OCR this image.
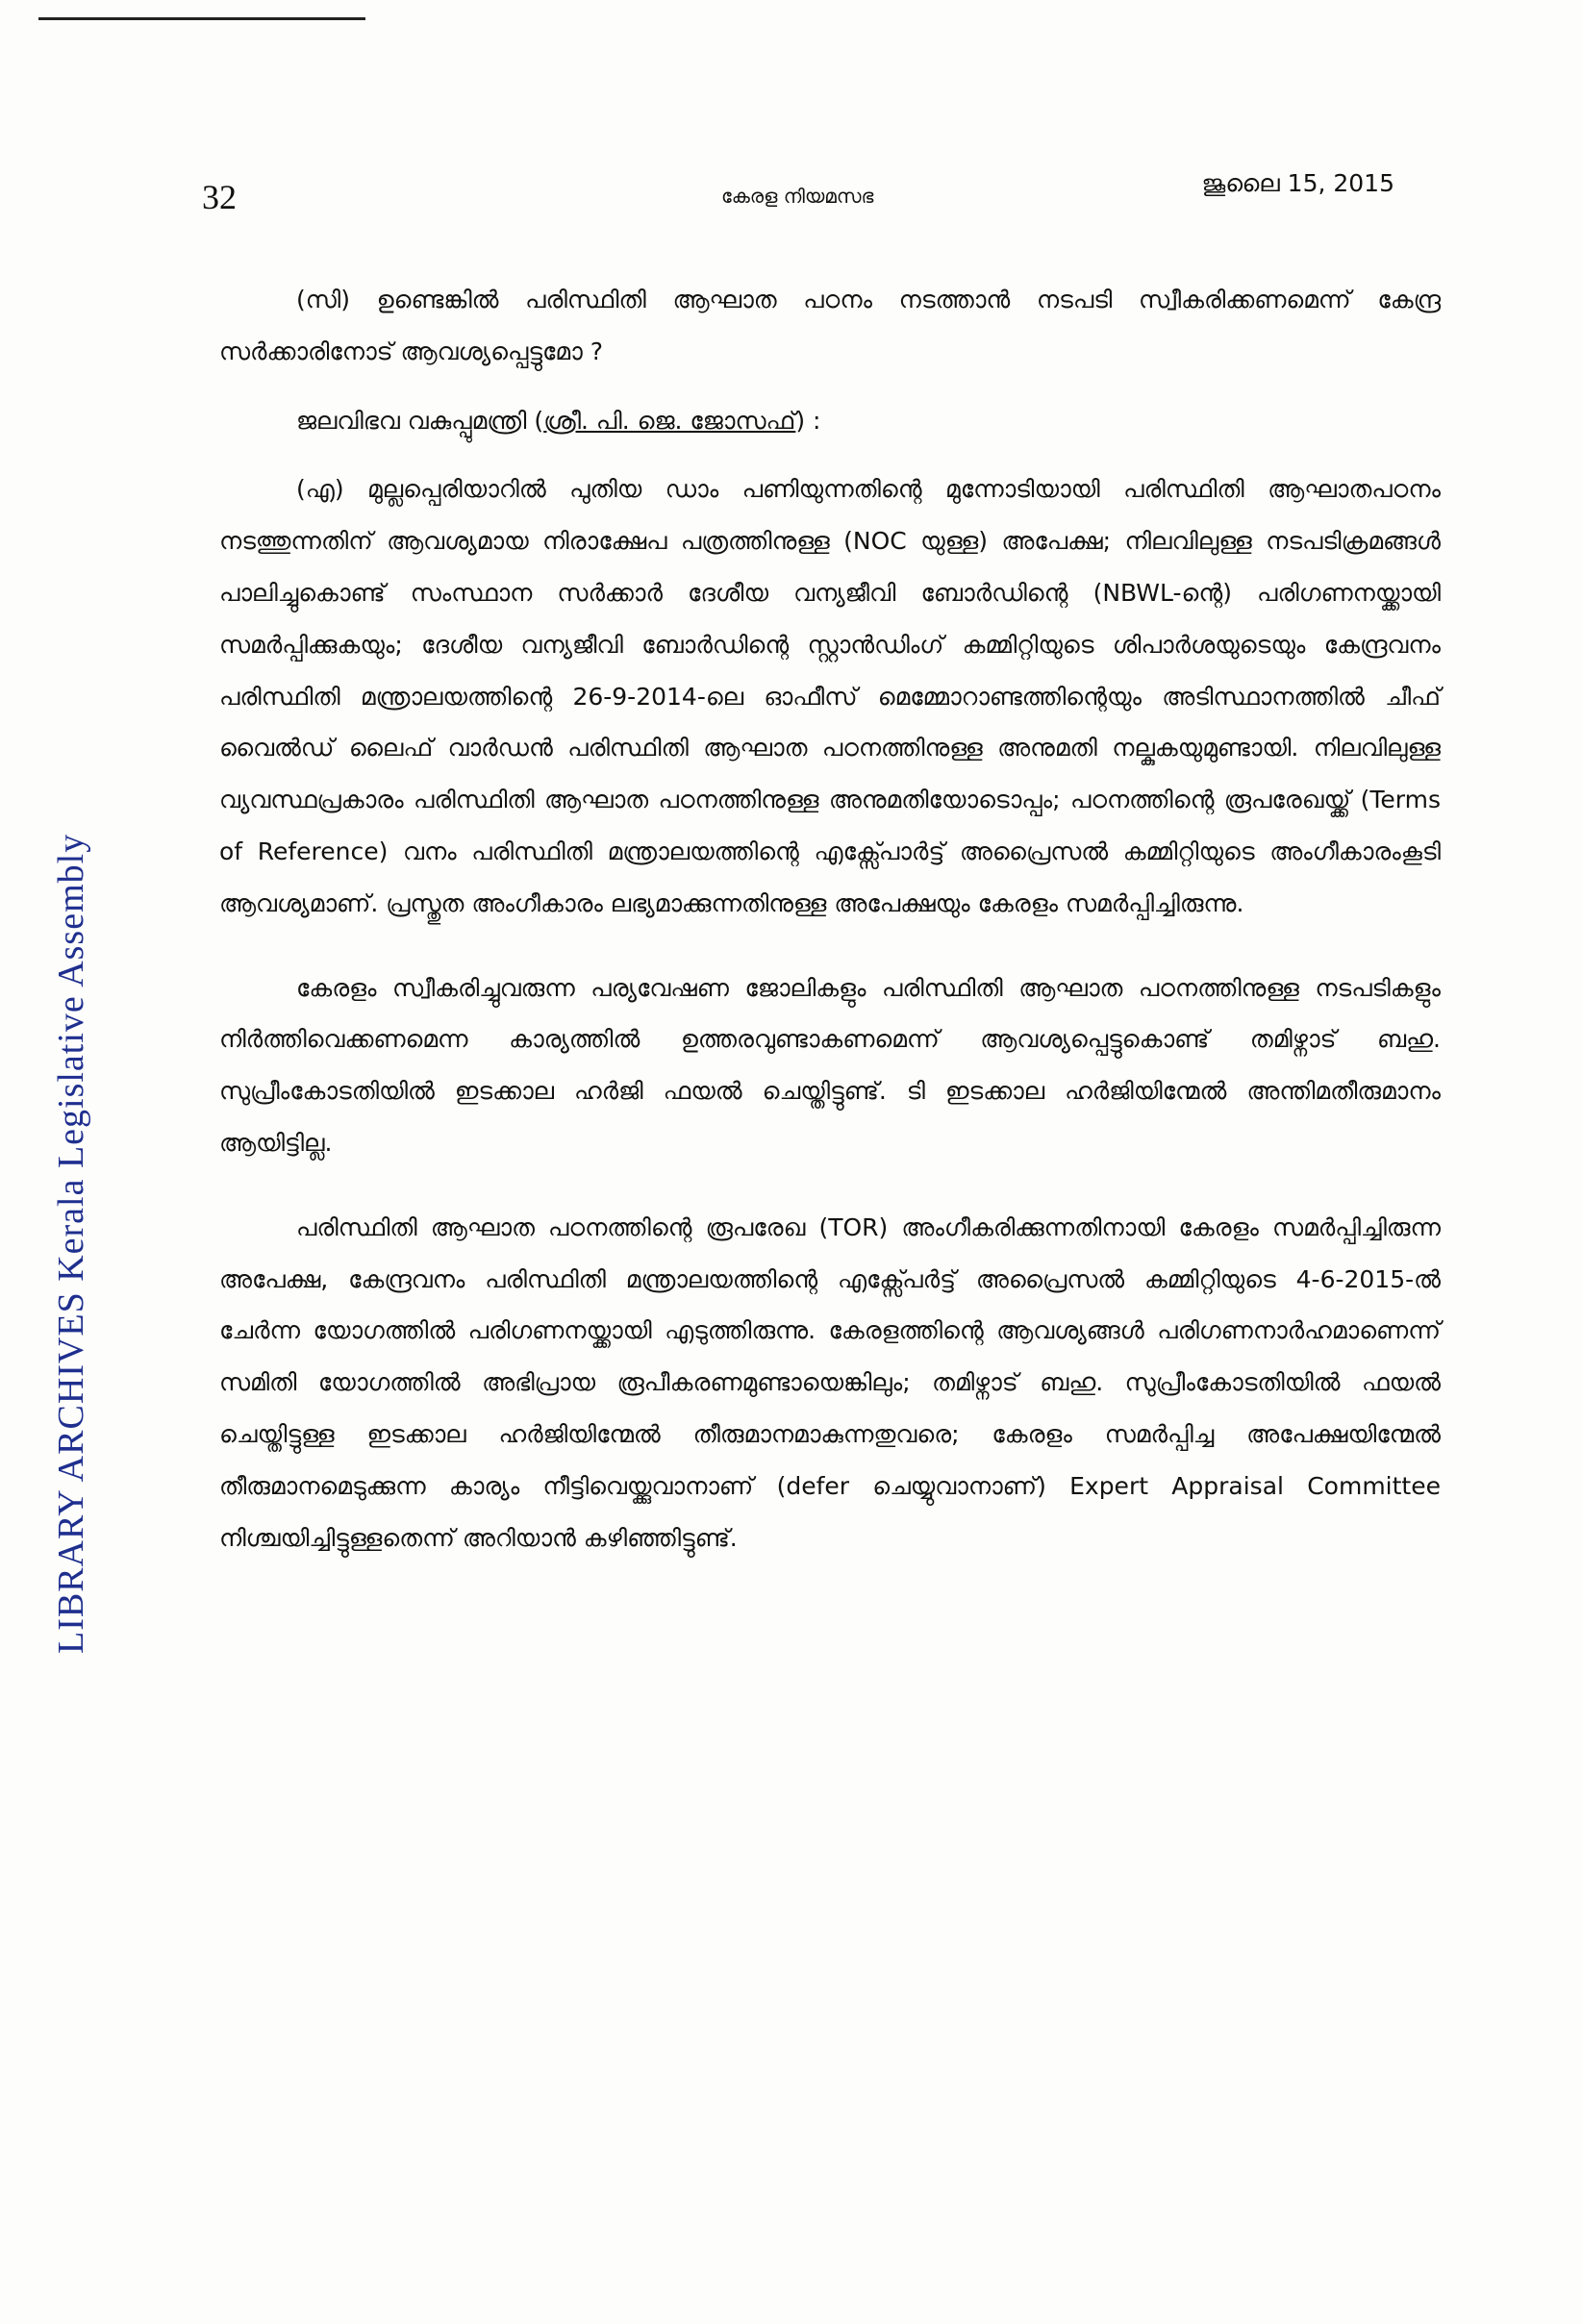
32	കേരള നിയമസഭ	ജൂലൈ 15, 2015
LIBRARY ARCHIVES Kerala Legislative Assembly

(സി) ഉണ്ടെങ്കിൽ പരിസ്ഥിതി ആഘാത പഠനം നടത്താൻ നടപടി സ്വീകരിക്കണമെന്ന് കേന്ദ്ര സർക്കാരിനോട് ആവശ്യപ്പെട്ടുമോ ?

ജലവിഭവ വകുപ്പുമന്ത്രി (ശ്രീ. പി. ജെ. ജോസഫ്) :

(എ) മുല്ലപ്പെരിയാറിൽ പുതിയ ഡാം പണിയുന്നതിന്റെ മുന്നോടിയായി പരിസ്ഥിതി ആഘാതപഠനം നടത്തുന്നതിന് ആവശ്യമായ നിരാക്ഷേപ പത്രത്തിനുള്ള (NOC യുള്ള) അപേക്ഷ; നിലവിലുള്ള നടപടിക്രമങ്ങൾ പാലിച്ചുകൊണ്ട് സംസ്ഥാന സർക്കാർ ദേശീയ വന്യജീവി ബോർഡിന്റെ (NBWL-ന്റെ) പരിഗണനയ്ക്കായി സമർപ്പിക്കുകയും; ദേശീയ വന്യജീവി ബോർഡിന്റെ സ്റ്റാൻഡിംഗ് കമ്മിറ്റിയുടെ ശിപാർശയുടെയും കേന്ദ്രവനം പരിസ്ഥിതി മന്ത്രാലയത്തിന്റെ 26-9-2014-ലെ ഓഫീസ് മെമ്മോറാണ്ടത്തിന്റെയും അടിസ്ഥാനത്തിൽ ചീഫ് വൈൽഡ് ലൈഫ് വാർഡൻ പരിസ്ഥിതി ആഘാത പഠനത്തിനുള്ള അനുമതി നല്കുകയുമുണ്ടായി. നിലവിലുള്ള വ്യവസ്ഥപ്രകാരം പരിസ്ഥിതി ആഘാത പഠനത്തിനുള്ള അനുമതിയോടൊപ്പം; പഠനത്തിന്റെ രൂപരേഖയ്ക്ക് (Terms of Reference) വനം പരിസ്ഥിതി മന്ത്രാലയത്തിന്റെ എക്സ്പോർട്ട് അപ്രൈസൽ കമ്മിറ്റിയുടെ അംഗീകാരംകൂടി ആവശ്യമാണ്. പ്രസ്തുത അംഗീകാരം ലഭ്യമാക്കുന്നതിനുള്ള അപേക്ഷയും കേരളം സമർപ്പിച്ചിരുന്നു.

കേരളം സ്വീകരിച്ചുവരുന്ന പര്യവേഷണ ജോലികളും പരിസ്ഥിതി ആഘാത പഠനത്തിനുള്ള നടപടികളും നിർത്തിവെക്കണമെന്ന കാര്യത്തിൽ ഉത്തരവുണ്ടാകണമെന്ന് ആവശ്യപ്പെട്ടുകൊണ്ട് തമിഴ്നാട് ബഹു. സുപ്രീംകോടതിയിൽ ഇടക്കാല ഹർജി ഫയൽ ചെയ്തിട്ടുണ്ട്. ടി ഇടക്കാല ഹർജിയിന്മേൽ അന്തിമതീരുമാനം ആയിട്ടില്ല.

പരിസ്ഥിതി ആഘാത പഠനത്തിന്റെ രൂപരേഖ (TOR) അംഗീകരിക്കുന്നതിനായി കേരളം സമർപ്പിച്ചിരുന്ന അപേക്ഷ, കേന്ദ്രവനം പരിസ്ഥിതി മന്ത്രാലയത്തിന്റെ എക്സ്പേർട്ട് അപ്രൈസൽ കമ്മിറ്റിയുടെ 4-6-2015-ൽ ചേർന്ന യോഗത്തിൽ പരിഗണനയ്ക്കായി എടുത്തിരുന്നു. കേരളത്തിന്റെ ആവശ്യങ്ങൾ പരിഗണനാർഹമാണെന്ന് സമിതി യോഗത്തിൽ അഭിപ്രായ രൂപീകരണമുണ്ടായെങ്കിലും; തമിഴ്നാട് ബഹു. സുപ്രീംകോടതിയിൽ ഫയൽ ചെയ്തിട്ടുള്ള ഇടക്കാല ഹർജിയിന്മേൽ തീരുമാനമാകുന്നതുവരെ; കേരളം സമർപ്പിച്ച അപേക്ഷയിന്മേൽ തീരുമാനമെടുക്കുന്ന കാര്യം നീട്ടിവെയ്ക്കുവാനാണ് (defer ചെയ്യുവാനാണ്) Expert Appraisal Committee നിശ്ചയിച്ചിട്ടുള്ളതെന്ന് അറിയാൻ കഴിഞ്ഞിട്ടുണ്ട്.
